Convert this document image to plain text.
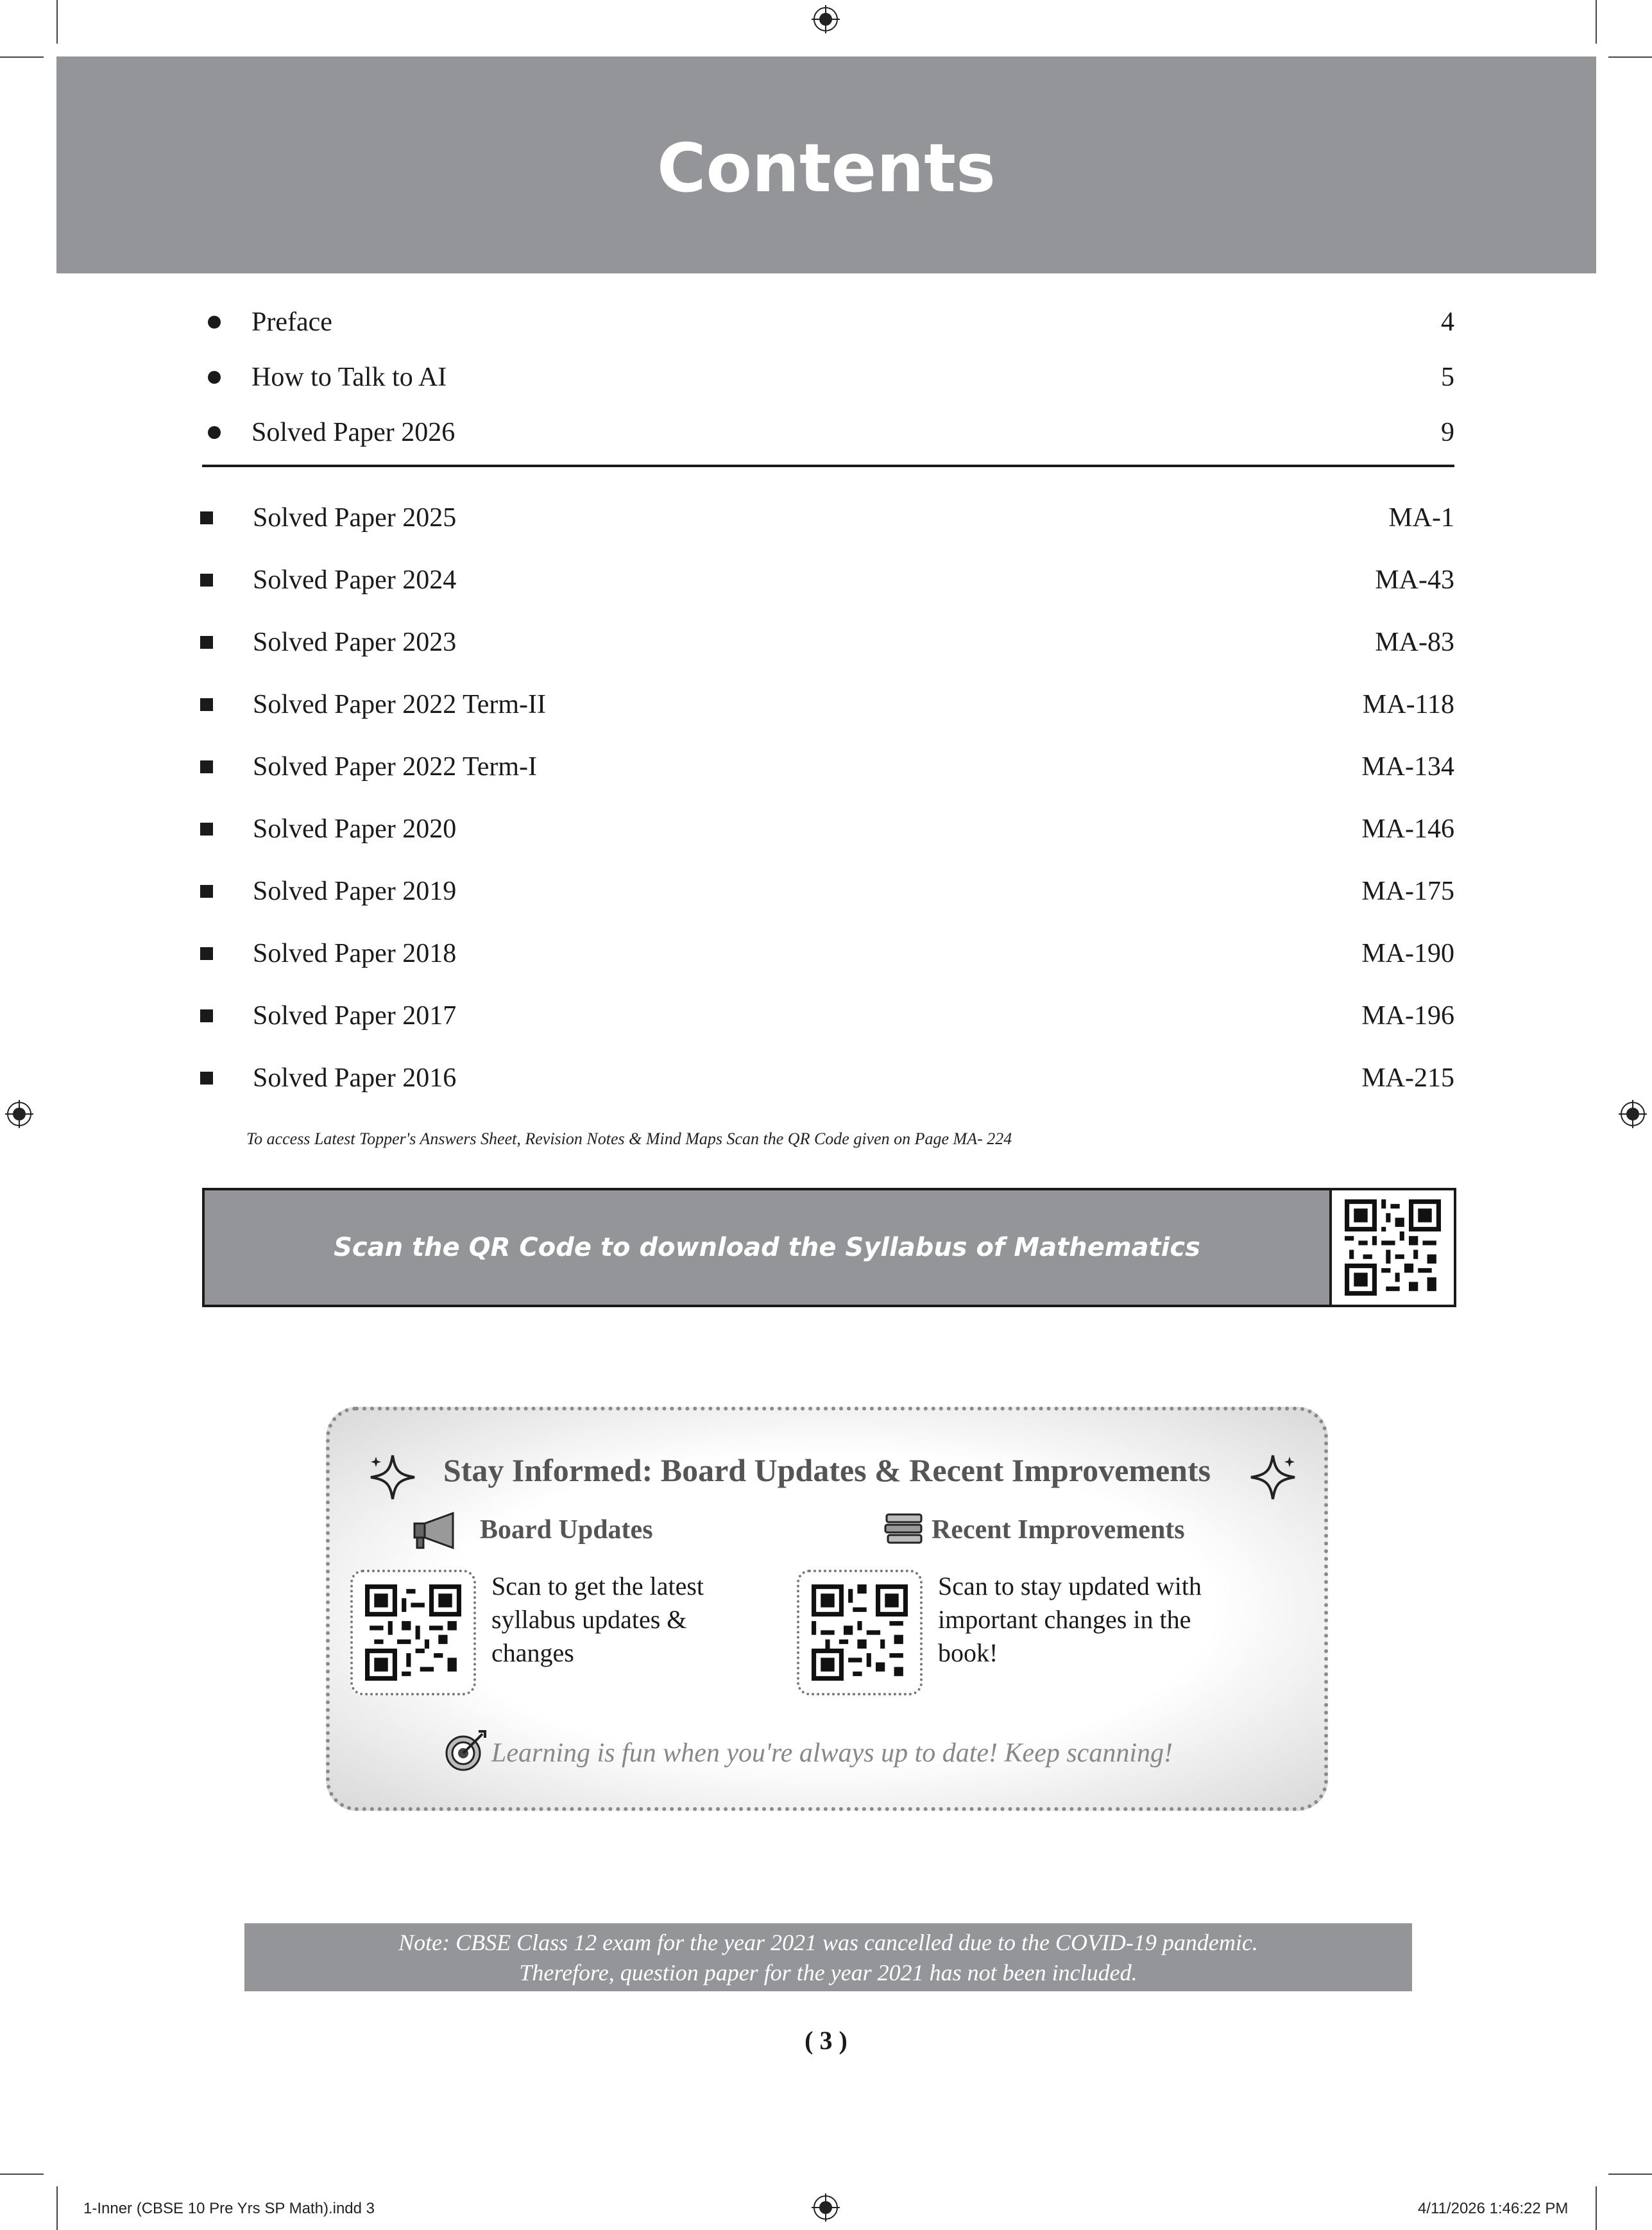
Contents
Preface	4
How to Talk to AI	5
Solved Paper 2026	9
Solved Paper 2025	MA-1
Solved Paper 2024	MA-43
Solved Paper 2023	MA-83
Solved Paper 2022 Term-II	MA-118
Solved Paper 2022 Term-I	MA-134
Solved Paper 2020	MA-146
Solved Paper 2019	MA-175
Solved Paper 2018	MA-190
Solved Paper 2017	MA-196
Solved Paper 2016	MA-215
To access Latest Topper's Answers Sheet, Revision Notes & Mind Maps Scan the QR Code given on Page MA- 224
Scan the QR Code to download the Syllabus of Mathematics
Stay Informed: Board Updates & Recent Improvements
Board Updates	Recent Improvements
Scan to get the latest
syllabus updates &
changes
Scan to stay updated with
important changes in the
book!
Learning is fun when you're always up to date! Keep scanning!
Note: CBSE Class 12 exam for the year 2021 was cancelled due to the COVID-19 pandemic.
Therefore, question paper for the year 2021 has not been included.
( 3 )
1-Inner (CBSE 10 Pre Yrs SP Math).indd 3	4/11/2026 1:46:22 PM
